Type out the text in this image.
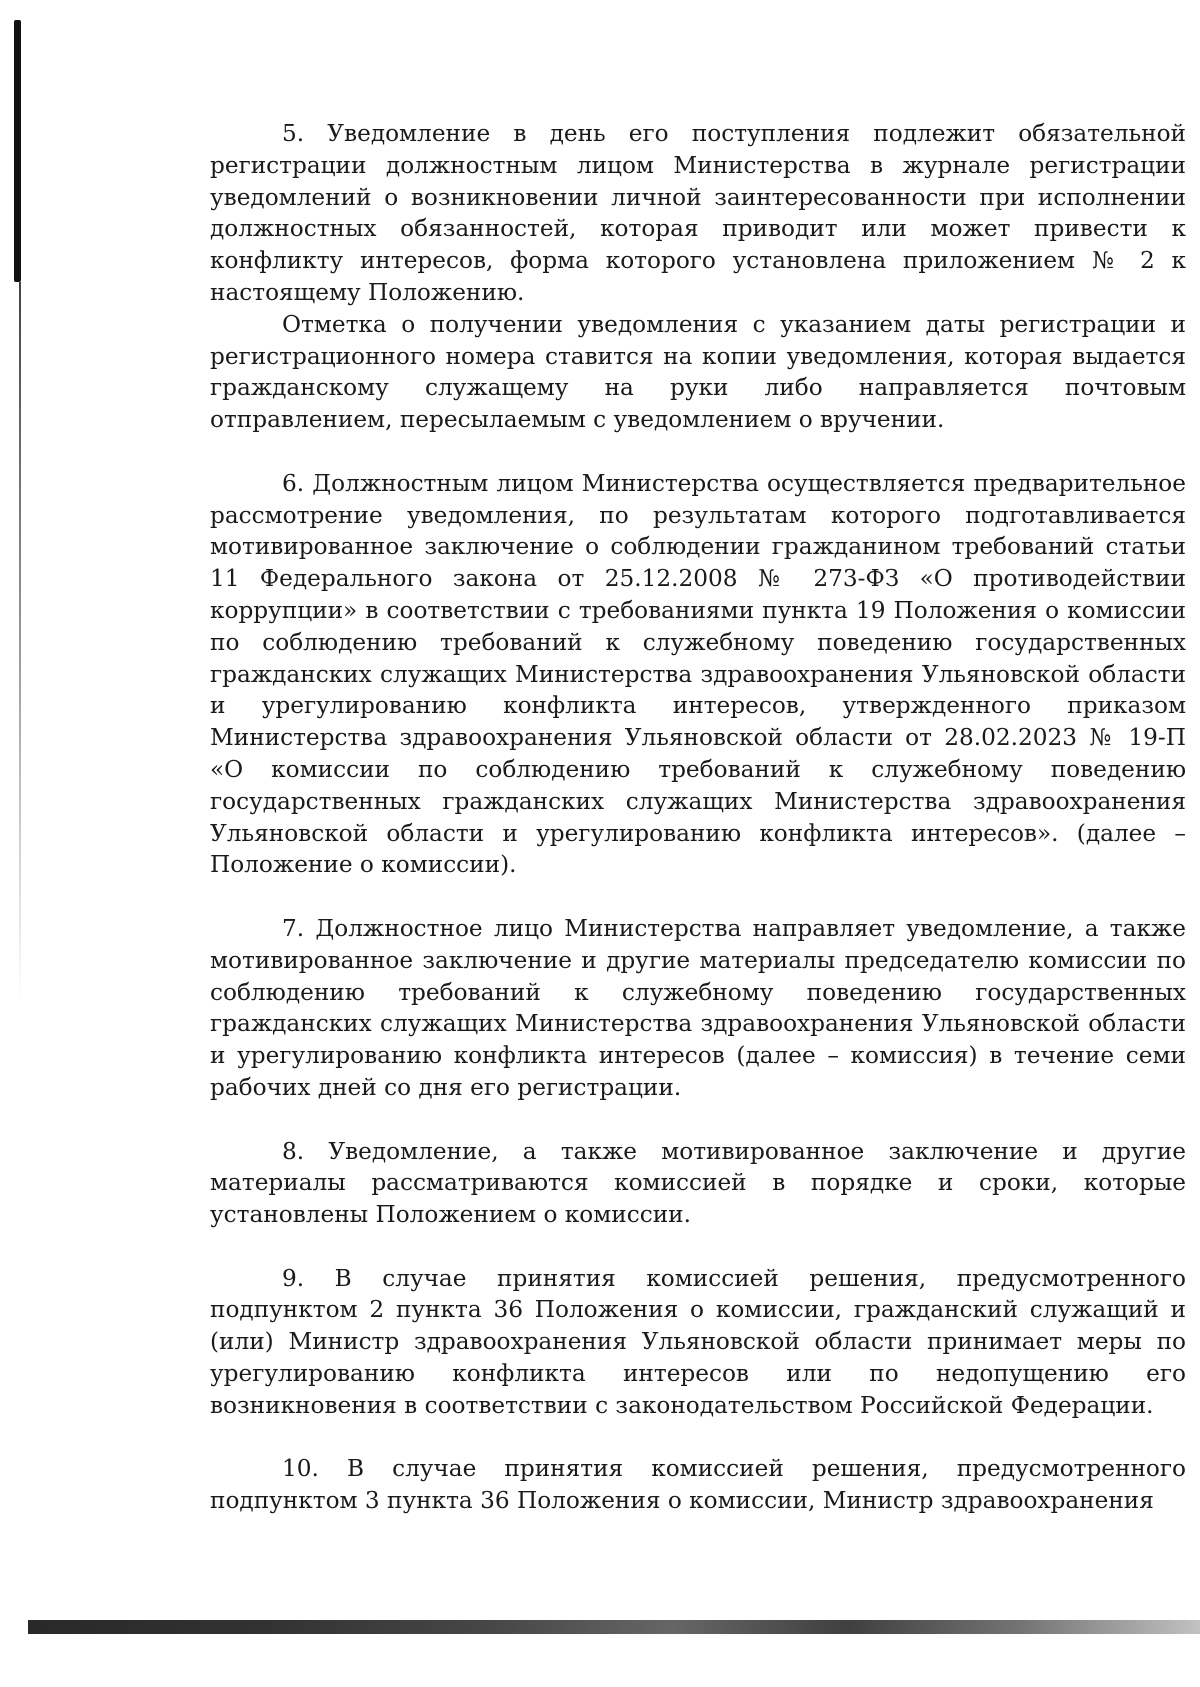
5. Уведомление в день его поступления подлежит обязательной регистрации должностным лицом Министерства в журнале регистрации уведомлений о возникновении личной заинтересованности при исполнении должностных обязанностей, которая приводит или может привести к конфликту интересов, форма которого установлена приложением № 2 к настоящему Положению.

Отметка о получении уведомления с указанием даты регистрации и регистрационного номера ставится на копии уведомления, которая выдается гражданскому служащему на руки либо направляется почтовым отправлением, пересылаемым с уведомлением о вручении.

6. Должностным лицом Министерства осуществляется предварительное рассмотрение уведомления, по результатам которого подготавливается мотивированное заключение о соблюдении гражданином требований статьи 11 Федерального закона от 25.12.2008 № 273-ФЗ «О противодействии коррупции» в соответствии с требованиями пункта 19 Положения о комиссии по соблюдению требований к служебному поведению государственных гражданских служащих Министерства здравоохранения Ульяновской области и урегулированию конфликта интересов, утвержденного приказом Министерства здравоохранения Ульяновской области от 28.02.2023 № 19-П «О комиссии по соблюдению требований к служебному поведению государственных гражданских служащих Министерства здравоохранения Ульяновской области и урегулированию конфликта интересов». (далее – Положение о комиссии).

7. Должностное лицо Министерства направляет уведомление, а также мотивированное заключение и другие материалы председателю комиссии по соблюдению требований к служебному поведению государственных гражданских служащих Министерства здравоохранения Ульяновской области и урегулированию конфликта интересов (далее – комиссия) в течение семи рабочих дней со дня его регистрации.

8. Уведомление, а также мотивированное заключение и другие материалы рассматриваются комиссией в порядке и сроки, которые установлены Положением о комиссии.

9. В случае принятия комиссией решения, предусмотренного подпунктом 2 пункта 36 Положения о комиссии, гражданский служащий и (или) Министр здравоохранения Ульяновской области принимает меры по урегулированию конфликта интересов или по недопущению его возникновения в соответствии с законодательством Российской Федерации.

10. В случае принятия комиссией решения, предусмотренного подпунктом 3 пункта 36 Положения о комиссии, Министр здравоохранения
